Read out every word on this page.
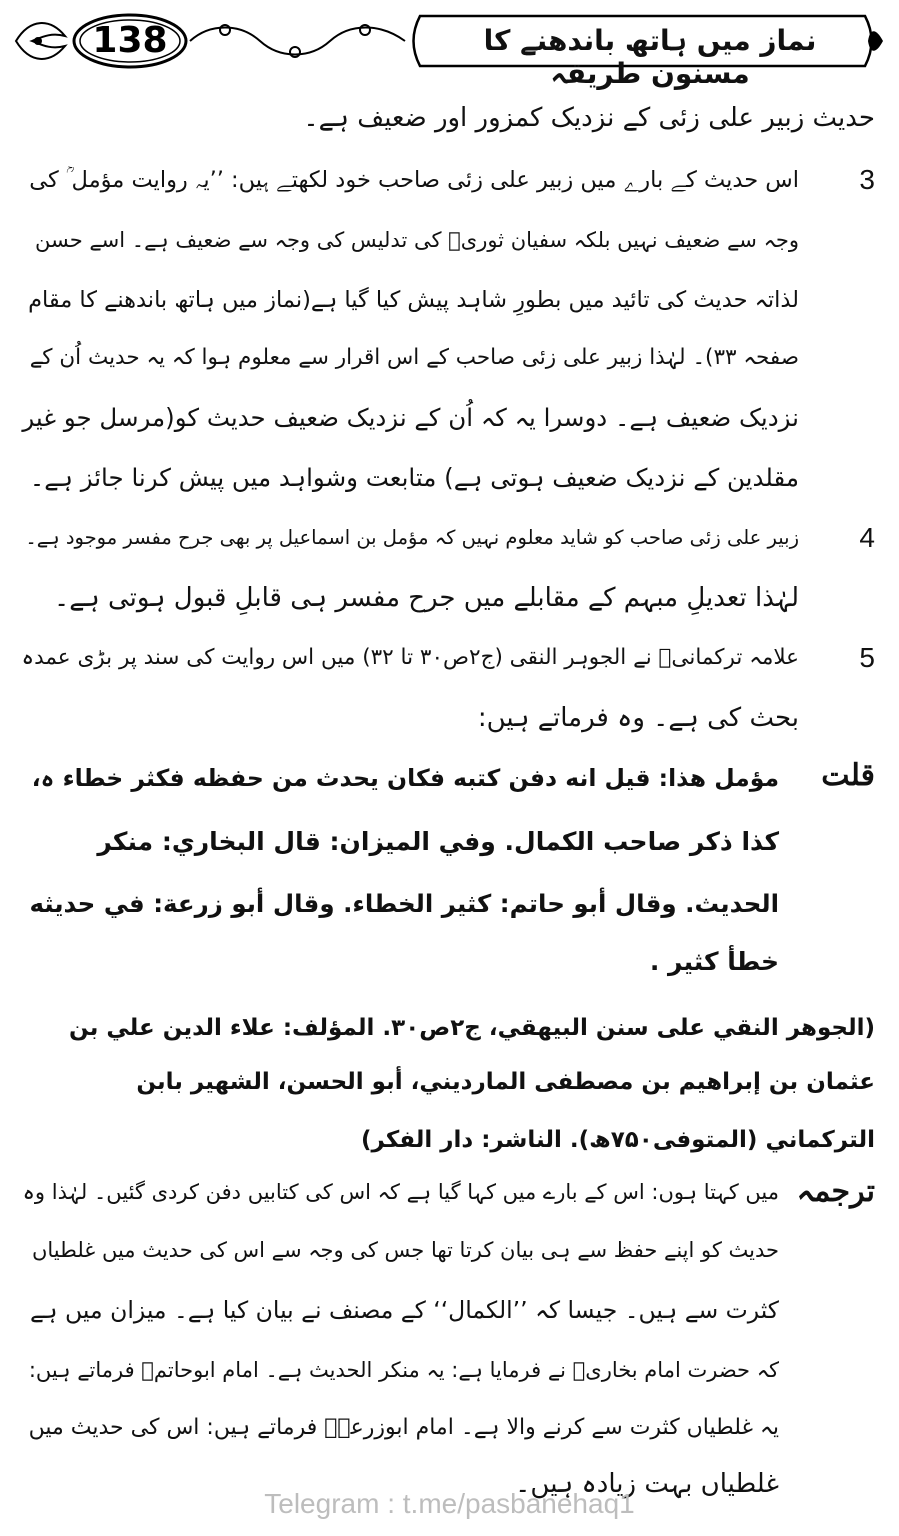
138	نماز میں ہاتھ باندھنے کا مسنون طریقہ
حدیث زبیر علی زئی کے نزدیک کمزور اور ضعیف ہے۔
3
اس حدیث کے بارے میں زبیر علی زئی صاحب خود لکھتے ہیں: ’’یہ روایت مؤمل ؒ کی
وجہ سے ضعیف نہیں بلکہ سفیان ثوریؒ کی تدلیس کی وجہ سے ضعیف ہے۔ اسے حسن
لذاتہ حدیث کی تائید میں بطورِ شاہد پیش کیا گیا ہے(نماز میں ہاتھ باندھنے کا مقام
صفحہ ۳۳)۔ لہٰذا زبیر علی زئی صاحب کے اس اقرار سے معلوم ہوا کہ یہ حدیث اُن کے
نزدیک ضعیف ہے۔ دوسرا یہ کہ اُن کے نزدیک ضعیف حدیث کو(مرسل جو غیر
مقلدین کے نزدیک ضعیف ہوتی ہے) متابعت وشواہد میں پیش کرنا جائز ہے۔
4
زبیر علی زئی صاحب کو شاید معلوم نہیں کہ مؤمل بن اسماعیل پر بھی جرح مفسر موجود ہے۔
لہٰذا تعدیلِ مبہم کے مقابلے میں جرح مفسر ہی قابلِ قبول ہوتی ہے۔
5
علامہ ترکمانیؒ نے الجوہر النقی (ج۲ص۳۰ تا ۳۲) میں اس روایت کی سند پر بڑی عمدہ
بحث کی ہے۔ وہ فرماتے ہیں:
قلت
مؤمل هذا: قيل انه دفن كتبه فكان يحدث من حفظه فكثر خطاء ہ،
كذا ذكر صاحب الكمال. وفي الميزان: قال البخاري: منكر
الحديث. وقال أبو حاتم: كثير الخطاء. وقال أبو زرعة: في حديثه
خطأ كثير .
(الجوهر النقي على سنن البيهقي، ج۲ص۳۰. المؤلف: علاء الدين علي بن
عثمان بن إبراهيم بن مصطفى المارديني، أبو الحسن، الشهير بابن
التركماني (المتوفى۷۵۰ھ). الناشر: دار الفكر)
ترجمہ
میں کہتا ہوں: اس کے بارے میں کہا گیا ہے کہ اس کی کتابیں دفن کردی گئیں۔ لہٰذا وہ
حدیث کو اپنے حفظ سے ہی بیان کرتا تھا جس کی وجہ سے اس کی حدیث میں غلطیاں
کثرت سے ہیں۔ جیسا کہ ’’الکمال‘‘ کے مصنف نے بیان کیا ہے۔ میزان میں ہے
کہ حضرت امام بخاریؒ نے فرمایا ہے: یہ منکر الحدیث ہے۔ امام ابوحاتمؒ فرماتے ہیں:
یہ غلطیاں کثرت سے کرنے والا ہے۔ امام ابوزرعہؒ فرماتے ہیں: اس کی حدیث میں
غلطیاں بہت زیادہ ہیں۔
Telegram : t.me/pasbanehaq1
